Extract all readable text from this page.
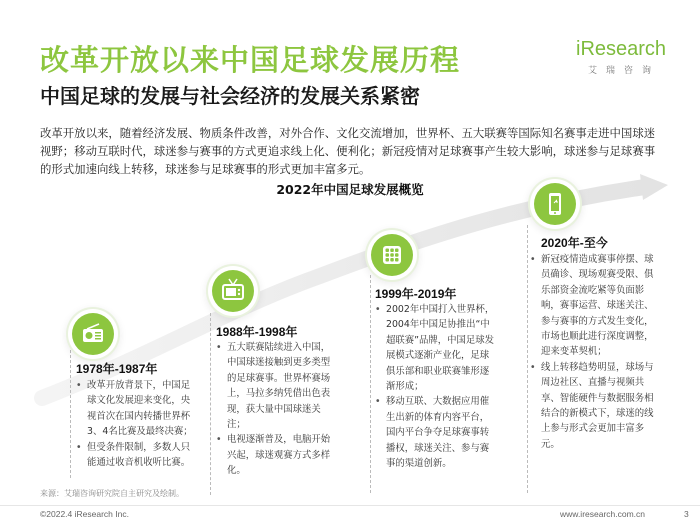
改革开放以来中国足球发展历程
中国足球的发展与社会经济的发展关系紧密
iResearch
艾瑞咨询
改革开放以来，随着经济发展、物质条件改善，对外合作、文化交流增加，世界杯、五大联赛等国际知名赛事走进中国球迷视野；移动互联时代，球迷参与赛事的方式更追求线上化、便利化；新冠疫情对足球赛事产生较大影响，球迷参与足球赛事的形式加速向线上转移，球迷参与足球赛事的形式更加丰富多元。
2022年中国足球发展概览
1978年-1987年
• 改革开放背景下，中国足球文化发展迎来变化，央视首次在国内转播世界杯3、4名比赛及最终决赛；
• 但受条件限制，多数人只能通过收音机收听比赛。
1988年-1998年
• 五大联赛陆续进入中国，中国球迷接触到更多类型的足球赛事。世界杯赛场上，马拉多纳凭借出色表现，获大量中国球迷关注；
• 电视逐渐普及，电脑开始兴起，球迷观赛方式多样化。
1999年-2019年
• 2002年中国打入世界杯，2004年中国足协推出“中超联赛”品牌，中国足球发展模式逐渐产业化，足球俱乐部和职业联赛雏形逐渐形成；
• 移动互联、大数据应用催生出新的体育内容平台，国内平台争夺足球赛事转播权，球迷关注、参与赛事的渠道创新。
2020年-至今
• 新冠疫情造成赛事停摆、球员确诊、现场观赛受限、俱乐部资金流吃紧等负面影响，赛事运营、球迷关注、参与赛事的方式发生变化，市场也顺此进行深度调整，迎来变革契机；
• 线上转移趋势明显，球场与周边社区、直播与视频共享、智能硬件与数据服务相结合的新模式下，球迷的线上参与形式会更加丰富多元。
来源：艾瑞咨询研究院自主研究及绘制。
©2022.4 iResearch Inc.	www.iresearch.com.cn	3
